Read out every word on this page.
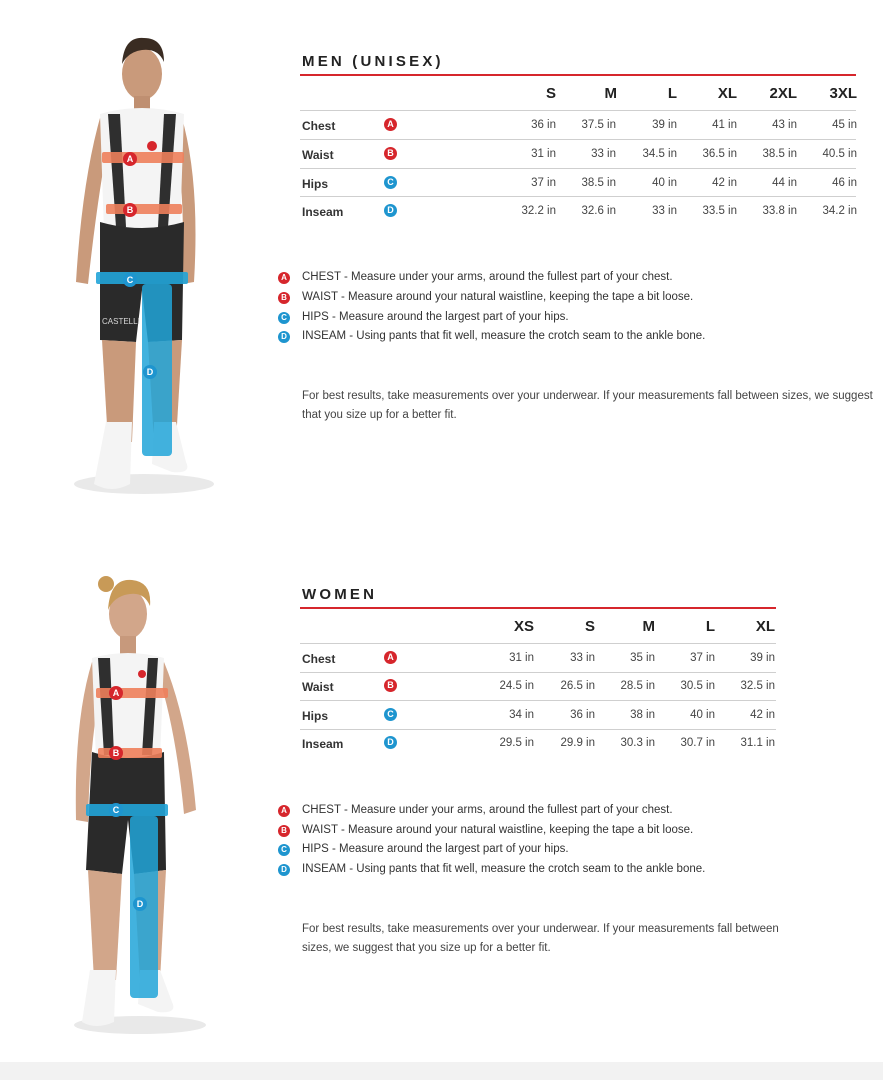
CASTELLI
A
B
C
D
A
B
C
D
MEN (UNISEX)
S	M	L	XL	2XL	3XL
Chest	A	36 in	37.5 in	39 in	41 in	43 in	45 in
Waist	B	31 in	33 in	34.5 in	36.5 in	38.5 in	40.5 in
Hips	C	37 in	38.5 in	40 in	42 in	44 in	46 in
Inseam	D	32.2 in	32.6 in	33 in	33.5 in	33.8 in	34.2 in
A CHEST - Measure under your arms, around the fullest part of your chest.
B WAIST - Measure around your natural waistline, keeping the tape a bit loose.
C HIPS - Measure around the largest part of your hips.
D INSEAM - Using pants that fit well, measure the crotch seam to the ankle bone.
For best results, take measurements over your underwear. If your measurements fall between sizes, we suggest
that you size up for a better fit.
WOMEN
XS	S	M	L	XL
Chest	A	31 in	33 in	35 in	37 in	39 in
Waist	B	24.5 in	26.5 in	28.5 in	30.5 in	32.5 in
Hips	C	34 in	36 in	38 in	40 in	42 in
Inseam	D	29.5 in	29.9 in	30.3 in	30.7 in	31.1 in
A CHEST - Measure under your arms, around the fullest part of your chest.
B WAIST - Measure around your natural waistline, keeping the tape a bit loose.
C HIPS - Measure around the largest part of your hips.
D INSEAM - Using pants that fit well, measure the crotch seam to the ankle bone.
For best results, take measurements over your underwear. If your measurements fall between
sizes, we suggest that you size up for a better fit.
